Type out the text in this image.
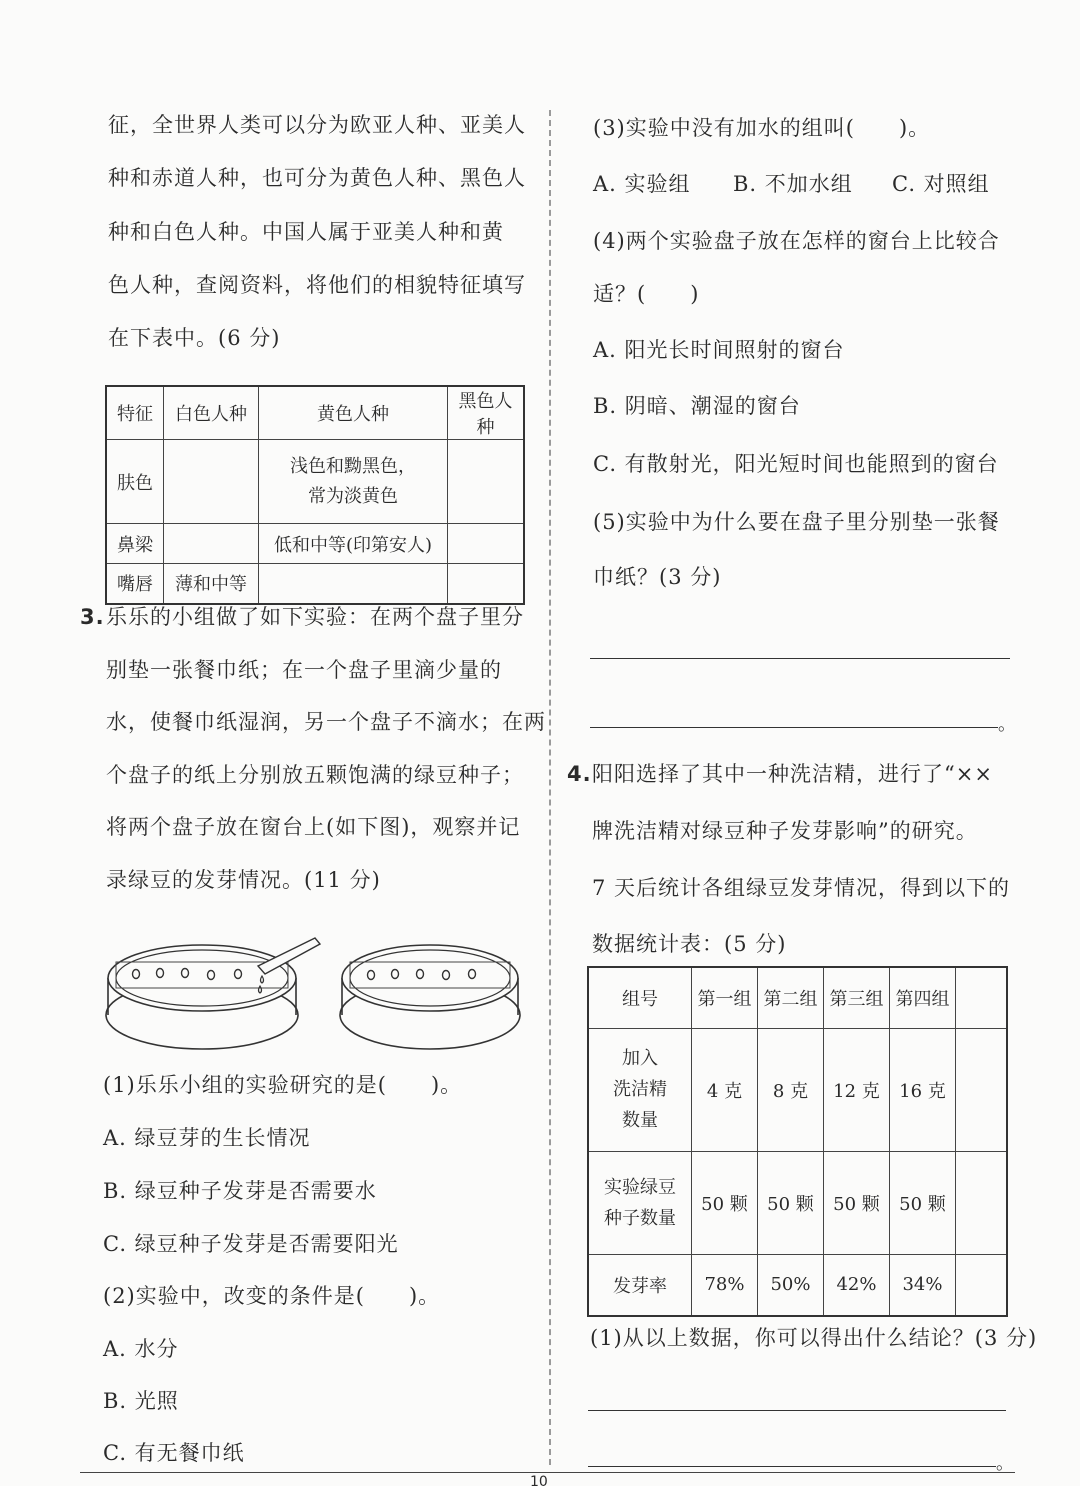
征，全世界人类可以分为欧亚人种、亚美人
种和赤道人种，也可分为黄色人种、黑色人
种和白色人种。中国人属于亚美人种和黄
色人种，查阅资料，将他们的相貌特征填写
在下表中。(6 分)
特征	白色人种	黄色人种	黑色人种
肤色		浅色和黝黑色，
常为淡黄色	

鼻梁		低和中等(印第安人)	
嘴唇	薄和中等		
3. 乐乐的小组做了如下实验：在两个盘子里分
别垫一张餐巾纸；在一个盘子里滴少量的
水，使餐巾纸湿润，另一个盘子不滴水；在两
个盘子的纸上分别放五颗饱满的绿豆种子；
将两个盘子放在窗台上(如下图)，观察并记
录绿豆的发芽情况。(11 分)
(1)乐乐小组的实验研究的是(　　)。
A. 绿豆芽的生长情况
B. 绿豆种子发芽是否需要水
C. 绿豆种子发芽是否需要阳光
(2)实验中，改变的条件是(　　)。
A. 水分
B. 光照
C. 有无餐巾纸
(3)实验中没有加水的组叫(　　)。
A. 实验组 B. 不加水组 C. 对照组
(4)两个实验盘子放在怎样的窗台上比较合
适？(　　)
A. 阳光长时间照射的窗台
B. 阴暗、潮湿的窗台
C. 有散射光，阳光短时间也能照到的窗台
(5)实验中为什么要在盘子里分别垫一张餐
巾纸？(3 分)
。
4. 阳阳选择了其中一种洗洁精，进行了“××
牌洗洁精对绿豆种子发芽影响”的研究。
7 天后统计各组绿豆发芽情况，得到以下的
数据统计表：(5 分)
组号	第一组	第二组	第三组	第四组	

加入
洗洁精
数量	4 克	8 克	12 克	16 克	

实验绿豆
种子数量	50 颗	50 颗	50 颗	50 颗	
发芽率	78%	50%	42%	34%	
(1)从以上数据，你可以得出什么结论？(3 分)
。
10
